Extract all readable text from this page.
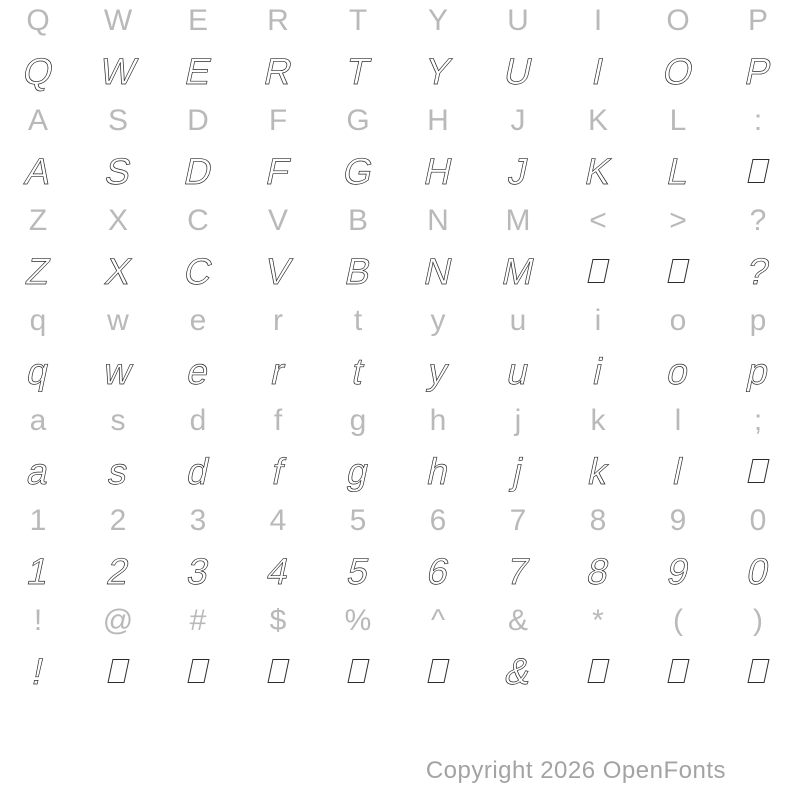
Q W E R T Y U I O P
Q W E R T Y U I O P
A S D F G H J K L :
A S D F G H J K L
Z X C V B N M < > ?
Z X C V B N M	?
q w e r t y u i o p
q w e r t y u i o p
a s d f g h j k l ;
a s d f g h j k l
1 2 3 4 5 6 7 8 9 0
1 2 3 4 5 6 7 8 9 0
! @ # $ % ^ & * ( )
!	&
Copyright 2026 OpenFonts
